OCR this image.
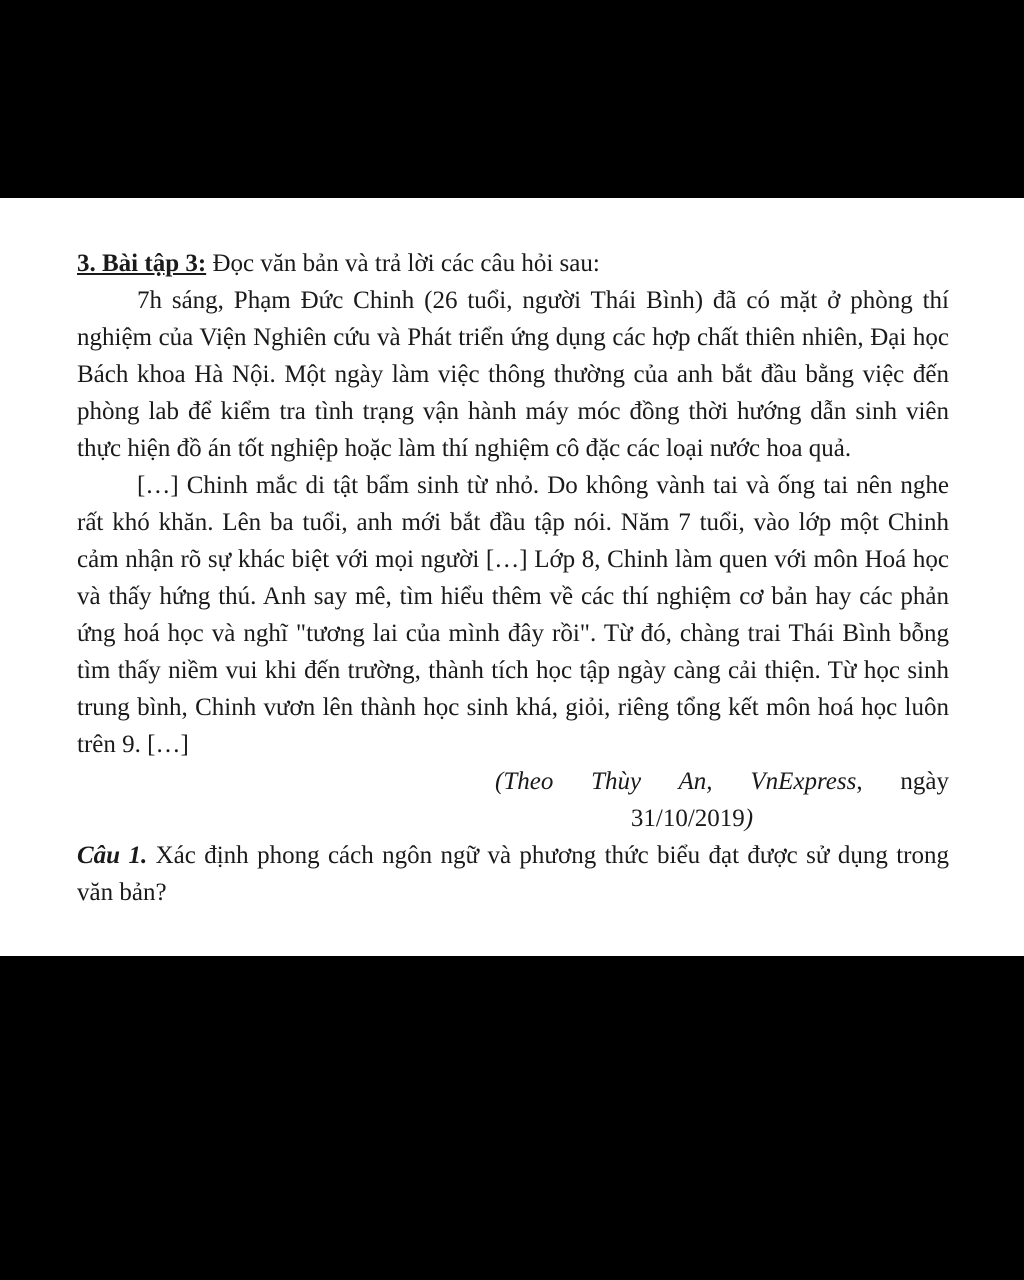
3. Bài tập 3: Đọc văn bản và trả lời các câu hỏi sau:

7h sáng, Phạm Đức Chinh (26 tuổi, người Thái Bình) đã có mặt ở phòng thí nghiệm của Viện Nghiên cứu và Phát triển ứng dụng các hợp chất thiên nhiên, Đại học Bách khoa Hà Nội. Một ngày làm việc thông thường của anh bắt đầu bằng việc đến phòng lab để kiểm tra tình trạng vận hành máy móc đồng thời hướng dẫn sinh viên thực hiện đồ án tốt nghiệp hoặc làm thí nghiệm cô đặc các loại nước hoa quả.

[…] Chinh mắc di tật bẩm sinh từ nhỏ. Do không vành tai và ống tai nên nghe rất khó khăn. Lên ba tuổi, anh mới bắt đầu tập nói. Năm 7 tuổi, vào lớp một Chinh cảm nhận rõ sự khác biệt với mọi người […] Lớp 8, Chinh làm quen với môn Hoá học và thấy hứng thú. Anh say mê, tìm hiểu thêm về các thí nghiệm cơ bản hay các phản ứng hoá học và nghĩ "tương lai của mình đây rồi". Từ đó, chàng trai Thái Bình bỗng tìm thấy niềm vui khi đến trường, thành tích học tập ngày càng cải thiện. Từ học sinh trung bình, Chinh vươn lên thành học sinh khá, giỏi, riêng tổng kết môn hoá học luôn trên 9. […]

(Theo Thùy An, VnExpress, ngày
31/10/2019)

Câu 1. Xác định phong cách ngôn ngữ và phương thức biểu đạt được sử dụng trong văn bản?
